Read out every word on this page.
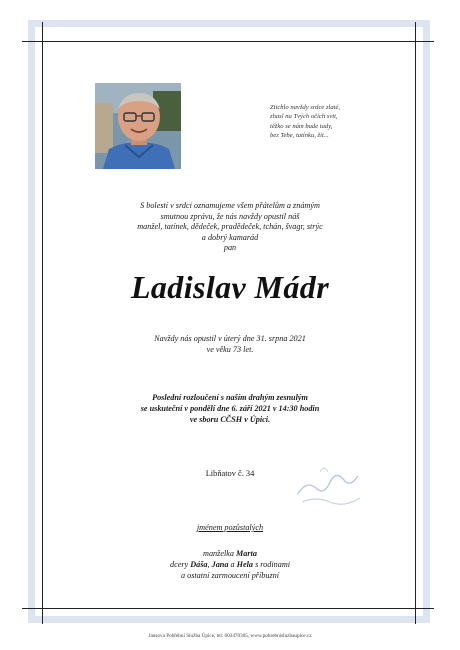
Ztichlo navždy srdce zlaté,
zhasl na Tvých očích svit,
těžko se nám bude tady,
bez Tebe, tatínku, žít...
S bolestí v srdci oznamujeme všem přátelům a známým
smutnou zprávu, že nás navždy opustil náš
manžel, tatínek, dědeček, pradědeček, tchán, švagr, strýc
a dobrý kamarád
pan
Ladislav Mádr
Navždy nás opustil v úterý dne 31. srpna 2021
ve věku 73 let.
Poslední rozloučení s naším drahým zesnulým
se uskuteční v pondělí dne 6. září 2021 v 14:30 hodin
ve sboru CČSH v Úpici.
Libňatov č. 34
jménem pozůstalých
manželka Marta
dcery Dáša, Jana a Hela s rodinami
a ostatní zarmoucení příbuzní
Jansova Pohřební Služba Úpice, tel: 603470305, www.pohrebnisluzbaupice.cz
